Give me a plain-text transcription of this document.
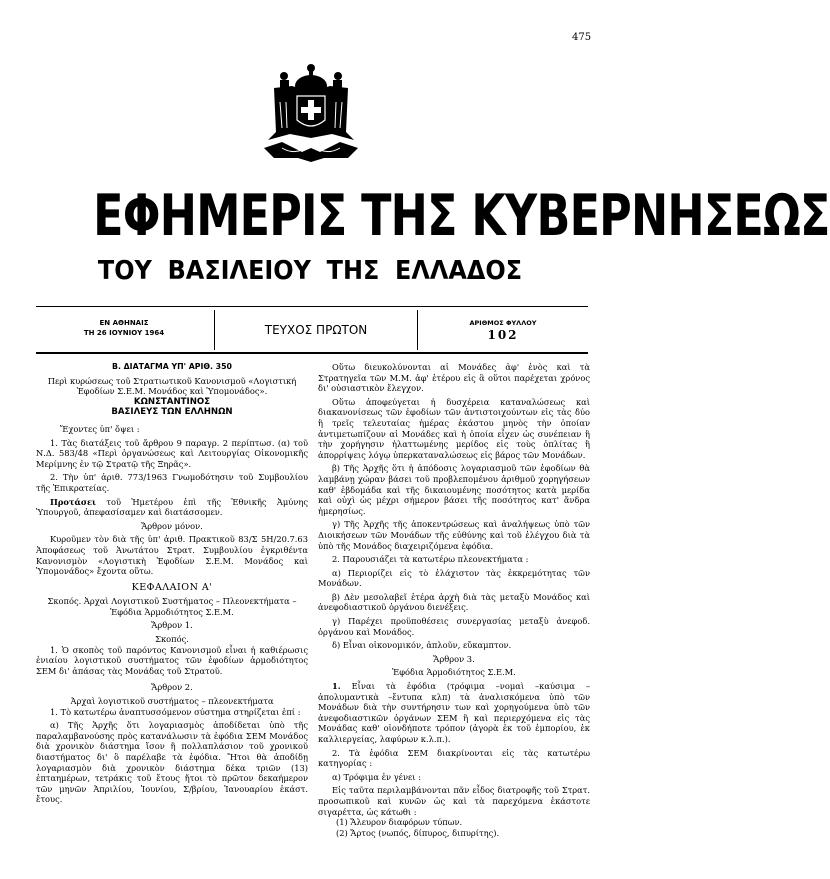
475
ΕΦΗΜΕΡΙΣ ΤΗΣ ΚΥΒΕΡΝΗΣΕΩΣ
ΤΟΥ ΒΑΣΙΛΕΙΟΥ ΤΗΣ ΕΛΛΑΔΟΣ
ΕΝ ΑΘΗΝΑΙΣ
ΤΗ 26 ΙΟΥΝΙΟΥ 1964	ΤΕΥΧΟΣ ΠΡΩΤΟΝ	ΑΡΙΘΜΟΣ ΦΥΛΛΟΥ
102

Β. ΔΙΑΤΑΓΜΑ ΥΠ' ΑΡΙΘ. 350

Περὶ κυρώσεως τοῦ Στρατιωτικοῦ Κανονισμοῦ «Λογιστική Ἐφοδίων Σ.Ε.Μ. Μονάδος καὶ Ὑπομονάδος».

ΚΩΝΣΤΑΝΤΙΝΟΣ

ΒΑΣΙΛΕΥΣ ΤΩΝ ΕΛΛΗΝΩΝ

Ἔχοντες ὑπ' ὄψει :

1. Τὰς διατάξεις τοῦ ἄρθρου 9 παραγρ. 2 περίπτωσ. (α) τοῦ Ν.Δ. 583/48 «Περὶ ὀργανώσεως καὶ Λειτουργίας Οἰκονομικῆς Μερίμνης ἐν τῷ Στρατῷ τῆς Ξηρᾶς».

2. Τὴν ὑπ' ἀριθ. 773/1963 Γνωμοδότησιν τοῦ Συμβουλίου τῆς Ἐπικρατείας.

Προτάσει τοῦ Ἡμετέρου ἐπὶ τῆς Ἐθνικῆς Ἀμύνης Ὑπουργοῦ, ἀπεφασίσαμεν καὶ διατάσσομεν.

Ἄρθρον μόνον.

Κυροῦμεν τὸν διὰ τῆς ὑπ' ἀριθ. Πρακτικοῦ 83/Σ 5Η/20.7.63 Ἀποφάσεως τοῦ Ἀνωτάτου Στρατ. Συμβουλίου ἐγκριθέντα Κανονισμὸν «Λογιστικὴ Ἐφοδίων Σ.Ε.Μ. Μονάδος καὶ Ὑπομονάδος» ἔχοντα οὕτω.

ΚΕΦΑΛΑΙΟΝ Α'

Σκοπός. Ἀρχαὶ Λογιστικοῦ Συστήματος – Πλεονεκτήματα – Ἐφόδια Ἁρμοδιότητος Σ.Ε.Μ.

Ἄρθρον 1.

Σκοπός.

1. Ὁ σκοπὸς τοῦ παρόντος Κανονισμοῦ εἶναι ἡ καθιέρωσις ἑνιαίου λογιστικοῦ συστήματος τῶν ἐφοδίων ἁρμοδιότητος ΣΕΜ δι' ἁπάσας τὰς Μονάδας τοῦ Στρατοῦ.

Ἄρθρον 2.

Ἀρχαὶ λογιστικοῦ συστήματος – πλεονεκτήματα

1. Τὸ κατωτέρω ἀναπτυσσόμενον σύστημα στηρίζεται ἐπί :

α) Τῆς Ἀρχῆς ὅτι λογαριασμὸς ἀποδίδεται ὑπὸ τῆς παραλαμβανούσης πρὸς κατανάλωσιν τὰ ἐφόδια ΣΕΜ Μονάδος διὰ χρονικὸν διάστημα ἴσον ἢ πολλαπλάσιον τοῦ χρονικοῦ διαστήματος δι' ὃ παρέλαβε τὰ ἐφόδια. Ἤτοι θὰ ἀποδίδῃ λογαριασμὸν διὰ χρονικὸν διάστημα δέκα τριῶν (13) ἐπταημέρων, τετράκις τοῦ ἔτους ἤτοι τὸ πρῶτον δεκαήμερον τῶν μηνῶν Ἀπριλίου, Ἰουνίου, Σ/βρίου, Ἰανουαρίου ἑκάστ. ἔτους.

Οὕτω διευκολύνονται αἱ Μονάδες ἀφ' ἑνὸς καὶ τὰ Στρατηγεῖα τῶν Μ.Μ. ἀφ' ἑτέρου εἰς ἃ οὕτοι παρέχεται χρόνος δι' οὐσιαστικὸν ἔλεγχον.

Οὕτω ἀποφεύγεται ἡ δυσχέρεια καταναλώσεως καὶ διακανονίσεως τῶν ἐφοδίων τῶν ἀντιστοιχούντων εἰς τὰς δύο ἢ τρεῖς τελευταίας ἡμέρας ἑκάστου μηνὸς τὴν ὁποίαν ἀντιμετωπίζουν αἱ Μονάδες καὶ ἡ ὁποία εἶχεν ὡς συνέπειαν ἢ τὴν χορήγησιν ἠλαττωμένης μερίδος εἰς τοὺς ὁπλίτας ἢ ἀπορρίψεις λόγῳ ὑπερκαταναλώσεως εἰς βάρος τῶν Μονάδων.

β) Τῆς Ἀρχῆς ὅτι ἡ ἀπόδοσις λογαριασμοῦ τῶν ἐφοδίων θὰ λαμβάνῃ χώραν βάσει τοῦ προβλεπομένου ἀριθμοῦ χορηγήσεων καθ' ἑβδομάδα καὶ τῆς δικαιουμένης ποσότητος κατὰ μερίδα καὶ οὐχὶ ὡς μέχρι σήμερον βάσει τῆς ποσότητος κατ' ἄνδρα ἡμερησίως.

γ) Τῆς Ἀρχῆς τῆς ἀποκεντρώσεως καὶ ἀναλήψεως ὑπὸ τῶν Διοικήσεων τῶν Μονάδων τῆς εὐθύνης καὶ τοῦ ἐλέγχου διὰ τὰ ὑπὸ τῆς Μονάδος διαχειριζόμενα ἐφόδια.

2. Παρουσιάζει τὰ κατωτέρω πλεονεκτήματα :

α) Περιορίζει εἰς τὸ ἐλάχιστον τὰς ἐκκρεμότητας τῶν Μονάδων.

β) Δὲν μεσολαβεῖ ἑτέρα ἀρχὴ διὰ τὰς μεταξὺ Μονάδος καὶ ἀνεφοδιαστικοῦ ὀργάνου διενέξεις.

γ) Παρέχει προϋποθέσεις συνεργασίας μεταξὺ ἀνεφοδ. ὀργάνου καὶ Μονάδος.

δ) Εἶναι οἰκονομικόν, ἁπλοῦν, εὔκαμπτον.

Ἄρθρον 3.

Ἐφόδια Ἁρμοδιότητος Σ.Ε.Μ.

1. Εἶναι τὰ ἐφόδια (τρόφιμα –νομαὶ –καύσιμα –ἀπολυμαντικὰ –ἔντυπα κλπ) τὰ ἀναλισκόμενα ὑπὸ τῶν Μονάδων διὰ τὴν συντήρησιν των καὶ χορηγούμενα ὑπὸ τῶν ἀνεφοδιαστικῶν ὀργάνων ΣΕΜ ἢ καὶ περιερχόμενα εἰς τὰς Μονάδας καθ' οἱονδήποτε τρόπον (ἀγορὰ ἐκ τοῦ ἐμπορίου, ἐκ καλλιεργείας, λαφύρων κ.λ.π.).

2. Τὰ ἐφόδια ΣΕΜ διακρίνονται εἰς τὰς κατωτέρω κατηγορίας :

α) Τρόφιμα ἐν γένει :

Εἰς ταῦτα περιλαμβάνονται πᾶν εἶδος διατροφῆς τοῦ Στρατ. προσωπικοῦ καὶ κυνῶν ὡς καὶ τὰ παρεχόμενα ἑκάστοτε σιγαρέττα, ὡς κάτωθι :

(1) Ἄλευρον διαφόρων τύπων.

(2) Ἄρτος (νωπός, δίπυρος, διπυρίτης).
